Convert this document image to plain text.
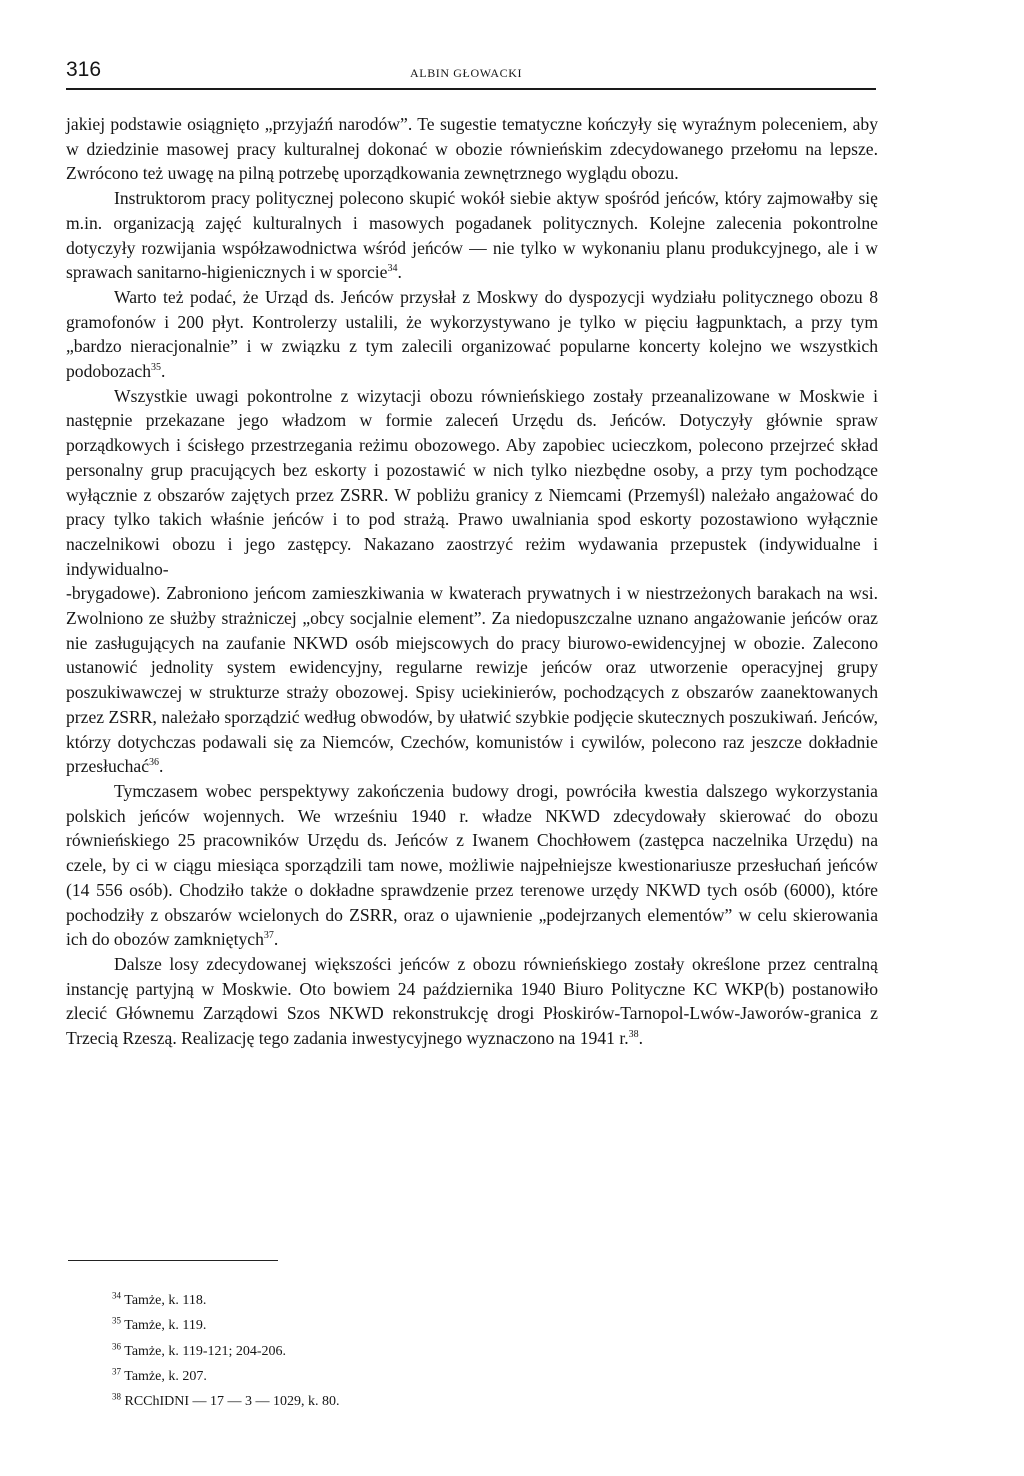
316	ALBIN GŁOWACKI

jakiej podstawie osiągnięto „przyjaźń narodów”. Te sugestie tematyczne kończyły się wyraźnym poleceniem, aby w dziedzinie masowej pracy kulturalnej dokonać w obozie równieńskim zdecydowanego przełomu na lepsze. Zwrócono też uwagę na pilną potrzebę uporządkowania zewnętrznego wyglądu obozu.

Instruktorom pracy politycznej polecono skupić wokół siebie aktyw spośród jeńców, który zajmowałby się m.in. organizacją zajęć kulturalnych i masowych pogadanek politycznych. Kolejne zalecenia pokontrolne dotyczyły rozwijania współzawodnictwa wśród jeńców — nie tylko w wykonaniu planu produkcyjnego, ale i w sprawach sanitarno-higienicznych i w sporcie$^{34}$.

Warto też podać, że Urząd ds. Jeńców przysłał z Moskwy do dyspozycji wydziału politycznego obozu 8 gramofonów i 200 płyt. Kontrolerzy ustalili, że wykorzystywano je tylko w pięciu łagpunktach, a przy tym „bardzo nieracjonalnie” i w związku z tym zalecili organizować popularne koncerty kolejno we wszystkich podobozach$^{35}$.

Wszystkie uwagi pokontrolne z wizytacji obozu równieńskiego zostały przeanalizowane w Moskwie i następnie przekazane jego władzom w formie zaleceń Urzędu ds. Jeńców. Dotyczyły głównie spraw porządkowych i ścisłego przestrzegania reżimu obozowego. Aby zapobiec ucieczkom, polecono przejrzeć skład personalny grup pracujących bez eskorty i pozostawić w nich tylko niezbędne osoby, a przy tym pochodzące wyłącznie z obszarów zajętych przez ZSRR. W pobliżu granicy z Niemcami (Przemyśl) należało angażować do pracy tylko takich właśnie jeńców i to pod strażą. Prawo uwalniania spod eskorty pozostawiono wyłącznie naczelnikowi obozu i jego zastępcy. Nakazano zaostrzyć reżim wydawania przepustek (indywidualne i indywidualno-

-brygadowe). Zabroniono jeńcom zamieszkiwania w kwaterach prywatnych i w niestrzeżonych barakach na wsi. Zwolniono ze służby strażniczej „obcy socjalnie element”. Za niedopuszczalne uznano angażowanie jeńców oraz nie zasługujących na zaufanie NKWD osób miejscowych do pracy biurowo-ewidencyjnej w obozie. Zalecono ustanowić jednolity system ewidencyjny, regularne rewizje jeńców oraz utworzenie operacyjnej grupy poszukiwawczej w strukturze straży obozowej. Spisy uciekinierów, pochodzących z obszarów zaanektowanych przez ZSRR, należało sporządzić według obwodów, by ułatwić szybkie podjęcie skutecznych poszukiwań. Jeńców, którzy dotychczas podawali się za Niemców, Czechów, komunistów i cywilów, polecono raz jeszcze dokładnie przesłuchać$^{36}$.

Tymczasem wobec perspektywy zakończenia budowy drogi, powróciła kwestia dalszego wykorzystania polskich jeńców wojennych. We wrześniu 1940 r. władze NKWD zdecydowały skierować do obozu równieńskiego 25 pracowników Urzędu ds. Jeńców z Iwanem Chochłowem (zastępca naczelnika Urzędu) na czele, by ci w ciągu miesiąca sporządzili tam nowe, możliwie najpełniejsze kwestionariusze przesłuchań jeńców (14 556 osób). Chodziło także o dokładne sprawdzenie przez terenowe urzędy NKWD tych osób (6000), które pochodziły z obszarów wcielonych do ZSRR, oraz o ujawnienie „podejrzanych elementów” w celu skierowania ich do obozów zamkniętych$^{37}$.

Dalsze losy zdecydowanej większości jeńców z obozu równieńskiego zostały określone przez centralną instancję partyjną w Moskwie. Oto bowiem 24 października 1940 Biuro Polityczne KC WKP(b) postanowiło zlecić Głównemu Zarządowi Szos NKWD rekonstrukcję drogi Płoskirów-Tarnopol-Lwów-Jaworów-granica z Trzecią Rzeszą. Realizację tego zadania inwestycyjnego wyznaczono na 1941 r.$^{38}$.

$^{34}$ Tamże, k. 118.
$^{35}$ Tamże, k. 119.
$^{36}$ Tamże, k. 119-121; 204-206.
$^{37}$ Tamże, k. 207.
$^{38}$ RCChIDNI — 17 — 3 — 1029, k. 80.
